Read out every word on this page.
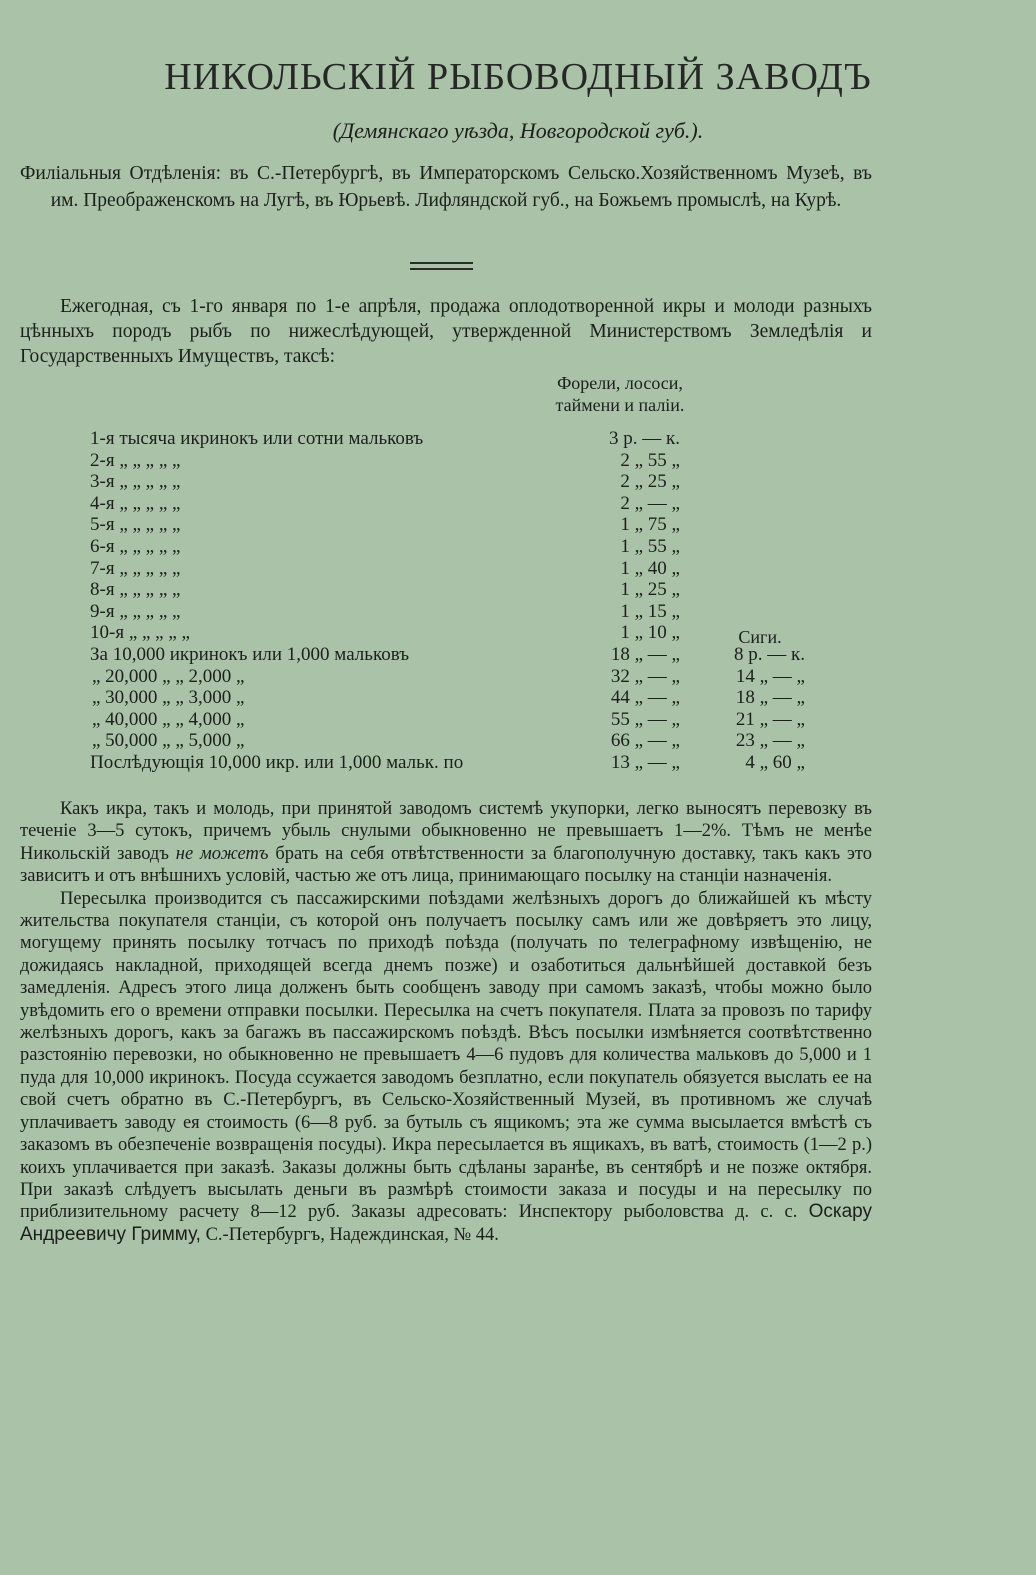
НИКОЛЬСКІЙ РЫБОВОДНЫЙ ЗАВОДЪ
(Демянскаго уѣзда, Новгородской губ.).
Филіальныя Отдѣленія: въ С.-Петербургѣ, въ Императорскомъ Сельско.Хозяйственномъ Музеѣ, въ им. Преображенскомъ на Лугѣ, въ Юрьевѣ. Лифляндской губ., на Божьемъ промыслѣ, на Курѣ.
Ежегодная, съ 1-го января по 1-е апрѣля, продажа оплодотворенной икры и молоди разныхъ цѣнныхъ породъ рыбъ по нижеслѣдующей, утвержденной Министерствомъ Земледѣлія и Государственныхъ Имуществъ, таксѣ:
Форели, лососи,
таймени и паліи.
Сиги.
1-я тысяча икринокъ или сотни мальковъ	3 р. — к.
2-я „ „ „ „ „	2 „ 55 „
3-я „ „ „ „ „	2 „ 25 „
4-я „ „ „ „ „	2 „ — „
5-я „ „ „ „ „	1 „ 75 „
6-я „ „ „ „ „	1 „ 55 „
7-я „ „ „ „ „	1 „ 40 „
8-я „ „ „ „ „	1 „ 25 „
9-я „ „ „ „ „	1 „ 15 „
10-я „ „ „ „ „	1 „ 10 „
За 10,000 икринокъ или 1,000 мальковъ	18 „ — „	8 р. — к.
„ 20,000 „ „ 2,000 „	32 „ — „	14 „ — „
„ 30,000 „ „ 3,000 „	44 „ — „	18 „ — „
„ 40,000 „ „ 4,000 „	55 „ — „	21 „ — „
„ 50,000 „ „ 5,000 „	66 „ — „	23 „ — „
Послѣдующія 10,000 икр. или 1,000 мальк. по	13 „ — „	4 „ 60 „

Какъ икра, такъ и молодь, при принятой заводомъ системѣ укупорки, легко выносятъ перевозку въ теченіе 3—5 сутокъ, причемъ убыль снулыми обыкновенно не превышаетъ 1—2%. Тѣмъ не менѣе Никольскій заводъ не можетъ брать на себя отвѣтственности за благополучную доставку, такъ какъ это зависитъ и отъ внѣшнихъ условій, частью же отъ лица, принимающаго посылку на станціи назначенія.

Пересылка производится съ пассажирскими поѣздами желѣзныхъ дорогъ до ближайшей къ мѣсту жительства покупателя станціи, съ которой онъ получаетъ посылку самъ или же довѣряетъ это лицу, могущему принять посылку тотчасъ по приходѣ поѣзда (получать по телеграфному извѣщенію, не дожидаясь накладной, приходящей всегда днемъ позже) и озаботиться дальнѣйшей доставкой безъ замедленія. Адресъ этого лица долженъ быть сообщенъ заводу при самомъ заказѣ, чтобы можно было увѣдомить его о времени отправки посылки. Пересылка на счетъ покупателя. Плата за провозъ по тарифу желѣзныхъ дорогъ, какъ за багажъ въ пассажирскомъ поѣздѣ. Вѣсъ посылки измѣняется соотвѣтственно разстоянію перевозки, но обыкновенно не превышаетъ 4—6 пудовъ для количества мальковъ до 5,000 и 1 пуда для 10,000 икринокъ. Посуда ссужается заводомъ безплатно, если покупатель обязуется выслать ее на свой счетъ обратно въ С.-Петербургъ, въ Сельско-Хозяйственный Музей, въ противномъ же случаѣ уплачиваетъ заводу ея стоимость (6—8 руб. за бутыль съ ящикомъ; эта же сумма высылается вмѣстѣ съ заказомъ въ обезпеченіе возвращенія посуды). Икра пересылается въ ящикахъ, въ ватѣ, стоимость (1—2 р.) коихъ уплачивается при заказѣ. Заказы должны быть сдѣланы заранѣе, въ сентябрѣ и не позже октября. При заказѣ слѣдуетъ высылать деньги въ размѣрѣ стоимости заказа и посуды и на пересылку по приблизительному расчету 8—12 руб. Заказы адресовать: Инспектору рыболовства д. с. с. Оскару Андреевичу Гримму, С.-Петербургъ, Надеждинская, № 44.
